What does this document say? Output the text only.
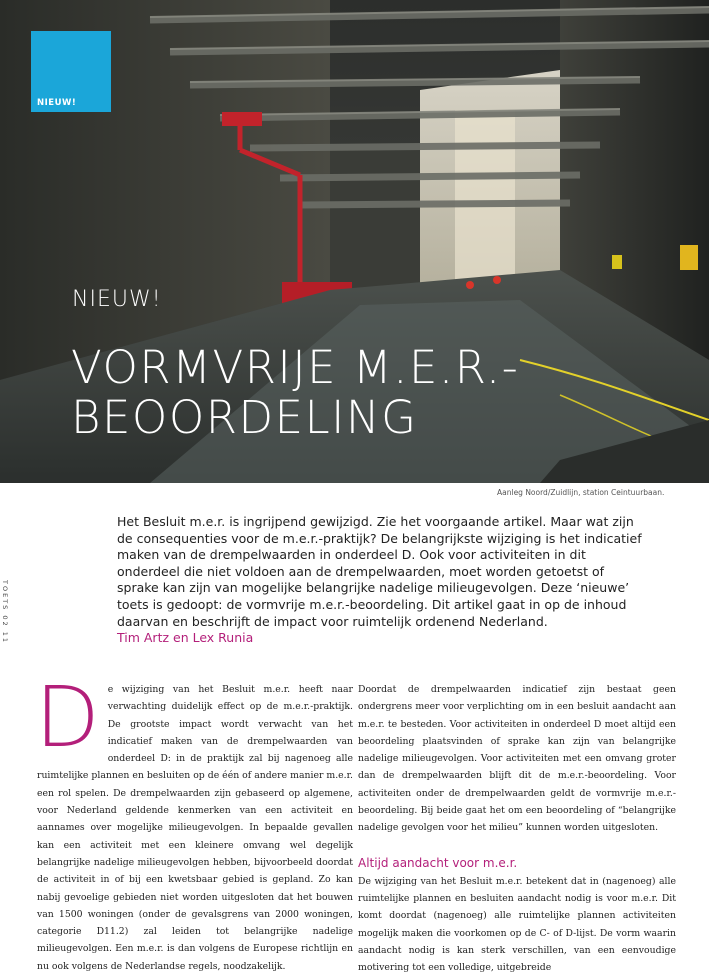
NIEUW!
NIEUW!
VORMVRIJE M.E.R.-
BEOORDELING
Aanleg Noord/Zuidlijn, station Ceintuurbaan.
TOETS 02 11

Het Besluit m.e.r. is ingrijpend gewijzigd. Zie het voorgaande artikel. Maar wat zijn de consequenties voor de m.e.r.-praktijk? De belangrijkste wijziging is het indicatief maken van de drempelwaarden in onderdeel D. Ook voor activiteiten in dit onderdeel die niet voldoen aan de drempelwaarden, moet worden getoetst of sprake kan zijn van mogelijke belangrijke nadelige milieugevolgen. Deze ‘nieuwe’ toets is gedoopt: de vormvrije m.e.r.-beoordeling. Dit artikel gaat in op de inhoud daarvan en beschrijft de impact voor ruimtelijk ordenend Nederland.

Tim Artz en Lex Runia

D e wijziging van het Besluit m.e.r. heeft naar verwachting duidelijk effect op de m.e.r.-praktijk. De grootste impact wordt verwacht van het indicatief maken van de drempelwaarden van onderdeel D: in de praktijk zal bij nagenoeg alle ruimtelijke plannen en besluiten op de één of andere manier m.e.r. een rol spelen. De drempelwaarden zijn gebaseerd op algemene, voor Nederland geldende kenmerken van een activiteit en aannames over mogelijke milieugevolgen. In bepaalde gevallen kan een activiteit met een kleinere omvang wel degelijk belangrijke nadelige milieugevolgen hebben, bijvoorbeeld doordat de activiteit in of bij een kwetsbaar gebied is gepland. Zo kan nabij gevoelige gebieden niet worden uitgesloten dat het bouwen van 1500 woningen (onder de gevalsgrens van 2000 woningen, categorie D11.2) zal leiden tot belangrijke nadelige milieugevolgen. Een m.e.r. is dan volgens de Europese richtlijn en nu ook volgens de Nederlandse regels, noodzakelijk.

Doordat de drempelwaarden indicatief zijn bestaat geen ondergrens meer voor verplichting om in een besluit aandacht aan m.e.r. te besteden. Voor activiteiten in onderdeel D moet altijd een beoordeling plaatsvinden of sprake kan zijn van belangrijke nadelige milieugevolgen. Voor activiteiten met een omvang groter dan de drempelwaarden blijft dit de m.e.r.-beoordeling. Voor activiteiten onder de drempelwaarden geldt de vormvrije m.e.r.-beoordeling. Bij beide gaat het om een beoordeling of “belangrijke nadelige gevolgen voor het milieu” kunnen worden uitgesloten.

Altijd aandacht voor m.e.r.

De wijziging van het Besluit m.e.r. betekent dat in (nagenoeg) alle ruimtelijke plannen en besluiten aandacht nodig is voor m.e.r. Dit komt doordat (nagenoeg) alle ruimtelijke plannen activiteiten mogelijk maken die voorkomen op de C- of D-lijst. De vorm waarin aandacht nodig is kan sterk verschillen, van een eenvoudige motivering tot een volledige, uitgebreide
